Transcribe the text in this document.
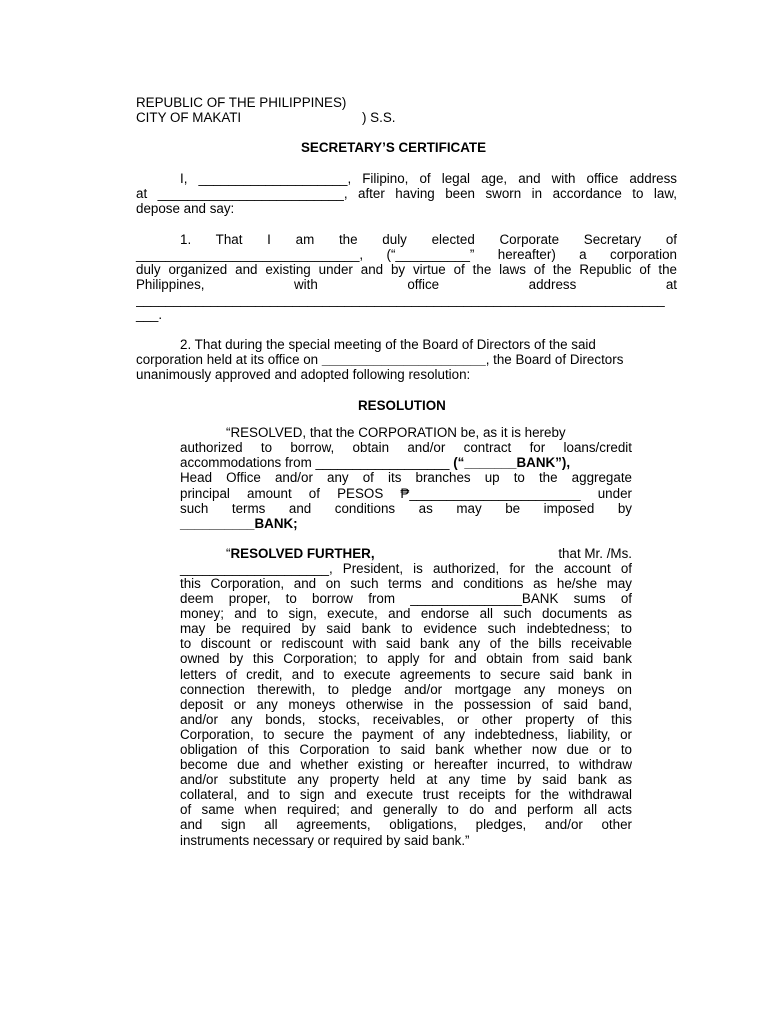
REPUBLIC OF THE PHILIPPINES)
CITY OF MAKATI	) S.S.
SECRETARY’S CERTIFICATE
I, ____________________, Filipino, of legal age, and with office address
at _________________________, after having been sworn in accordance to law,
depose and say:
1. That I am the duly elected Corporate Secretary of
______________________________, (“__________” hereafter) a corporation
duly organized and existing under and by virtue of the laws of the Republic of the
Philippines, with office address at
_______________________________________________________________________
___.
2. That during the special meeting of the Board of Directors of the said
corporation held at its office on ______________________, the Board of Directors
unanimously approved and adopted following resolution:
RESOLUTION
“RESOLVED, that the CORPORATION be, as it is hereby
authorized to borrow, obtain and/or contract for loans/credit
accommodations from __________________ (“_______BANK”),
Head Office and/or any of its branches up to the aggregate
principal amount of PESOS ₱_______________________ under
such terms and conditions as may be imposed by
__________BANK;
“RESOLVED FURTHER,	that Mr. /Ms.
____________________, President, is authorized, for the account of
this Corporation, and on such terms and conditions as he/she may
deem proper, to borrow from _______________BANK sums of
money; and to sign, execute, and endorse all such documents as
may be required by said bank to evidence such indebtedness; to
to discount or rediscount with said bank any of the bills receivable
owned by this Corporation; to apply for and obtain from said bank
letters of credit, and to execute agreements to secure said bank in
connection therewith, to pledge and/or mortgage any moneys on
deposit or any moneys otherwise in the possession of said band,
and/or any bonds, stocks, receivables, or other property of this
Corporation, to secure the payment of any indebtedness, liability, or
obligation of this Corporation to said bank whether now due or to
become due and whether existing or hereafter incurred, to withdraw
and/or substitute any property held at any time by said bank as
collateral, and to sign and execute trust receipts for the withdrawal
of same when required; and generally to do and perform all acts
and sign all agreements, obligations, pledges, and/or other
instruments necessary or required by said bank.”
